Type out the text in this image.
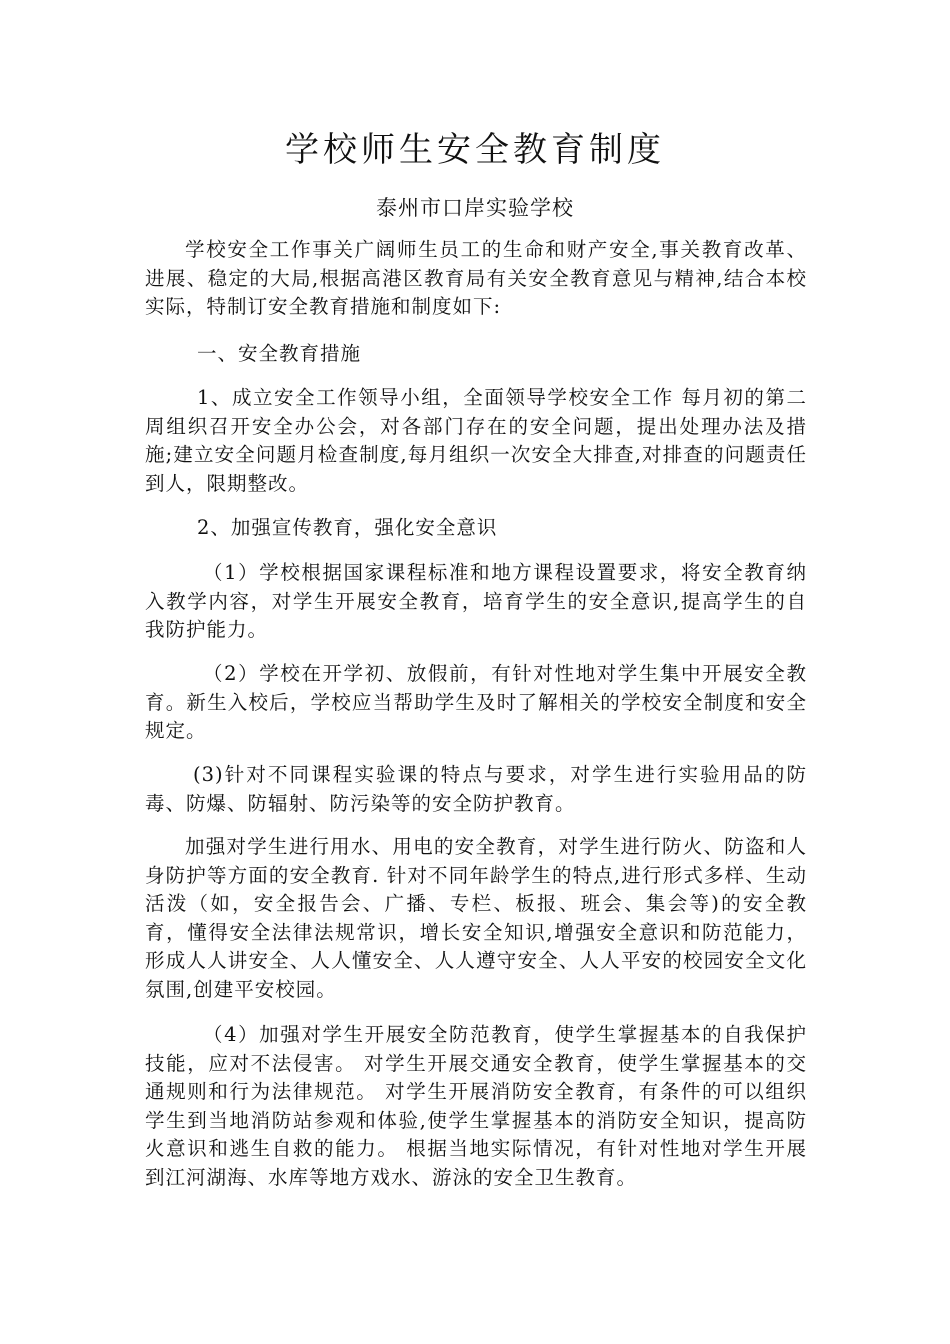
学校师生安全教育制度
泰州市口岸实验学校

学校安全工作事关广阔师生员工的生命和财产安全,事关教育改革、进展、稳定的大局,根据高港区教育局有关安全教育意见与精神,结合本校实际，特制订安全教育措施和制度如下:

一、安全教育措施

1、成立安全工作领导小组，全面领导学校安全工作 每月初的第二周组织召开安全办公会，对各部门存在的安全问题，提出处理办法及措施;建立安全问题月检查制度,每月组织一次安全大排查,对排查的问题责任到人，限期整改。

2、加强宣传教育，强化安全意识

（1）学校根据国家课程标准和地方课程设置要求，将安全教育纳入教学内容，对学生开展安全教育，培育学生的安全意识,提高学生的自我防护能力。

（2）学校在开学初、放假前，有针对性地对学生集中开展安全教育。新生入校后，学校应当帮助学生及时了解相关的学校安全制度和安全规定。

(3)针对不同课程实验课的特点与要求，对学生进行实验用品的防毒、防爆、防辐射、防污染等的安全防护教育。

加强对学生进行用水、用电的安全教育，对学生进行防火、防盗和人身防护等方面的安全教育. 针对不同年龄学生的特点,进行形式多样、生动活泼（如，安全报告会、广播、专栏、板报、班会、集会等)的安全教育，懂得安全法律法规常识，增长安全知识,增强安全意识和防范能力，形成人人讲安全、人人懂安全、人人遵守安全、人人平安的校园安全文化氛围,创建平安校园。

（4）加强对学生开展安全防范教育，使学生掌握基本的自我保护技能，应对不法侵害。 对学生开展交通安全教育，使学生掌握基本的交通规则和行为法律规范。 对学生开展消防安全教育，有条件的可以组织学生到当地消防站参观和体验,使学生掌握基本的消防安全知识，提高防火意识和逃生自救的能力。 根据当地实际情况，有针对性地对学生开展到江河湖海、水库等地方戏水、游泳的安全卫生教育。
